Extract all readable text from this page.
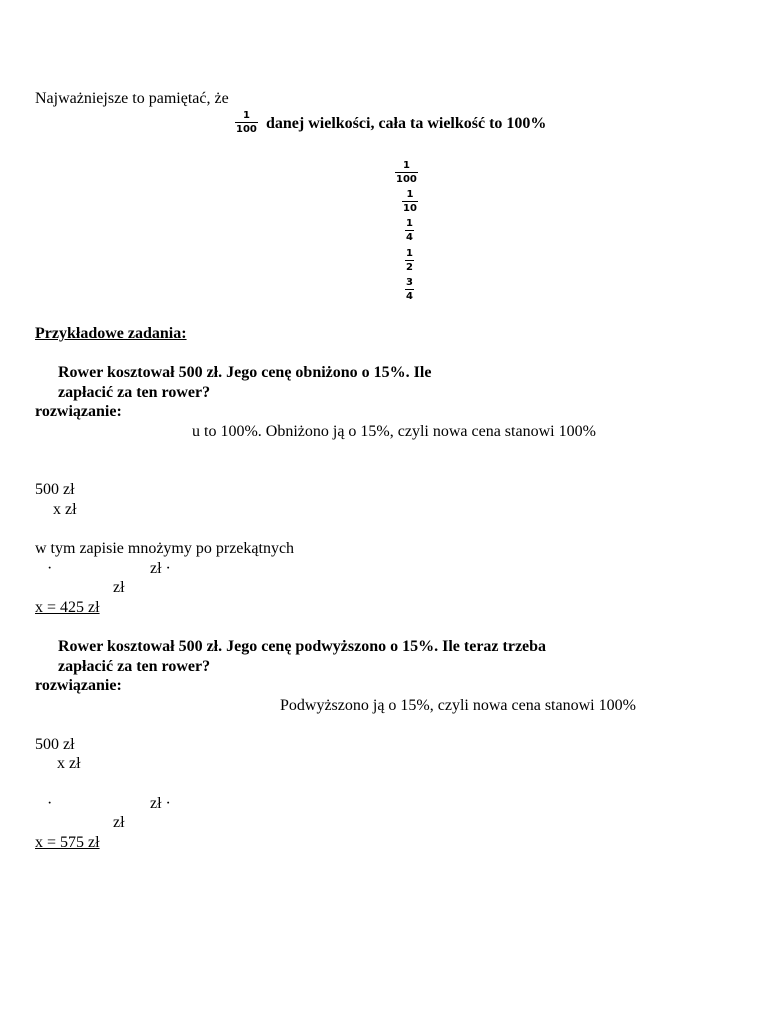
Najważniejsze to pamiętać, że
1
100 danej wielkości, cała ta wielkość to 100%
1
100
1
10
1
4
1
2
3
4
Przykładowe zadania:
Rower kosztował 500 zł. Jego cenę obniżono o 15%. Ile
zapłacić za ten rower?
rozwiązanie:
u to 100%. Obniżono ją o 15%, czyli nowa cena stanowi 100%
500 zł
x zł
w tym zapisie mnożymy po przekątnych
·	zł ·
zł
x = 425 zł
Rower kosztował 500 zł. Jego cenę podwyższono o 15%. Ile teraz trzeba
zapłacić za ten rower?
rozwiązanie:
Podwyższono ją o 15%, czyli nowa cena stanowi 100%
500 zł
x zł
·	zł ·
zł
x = 575 zł
